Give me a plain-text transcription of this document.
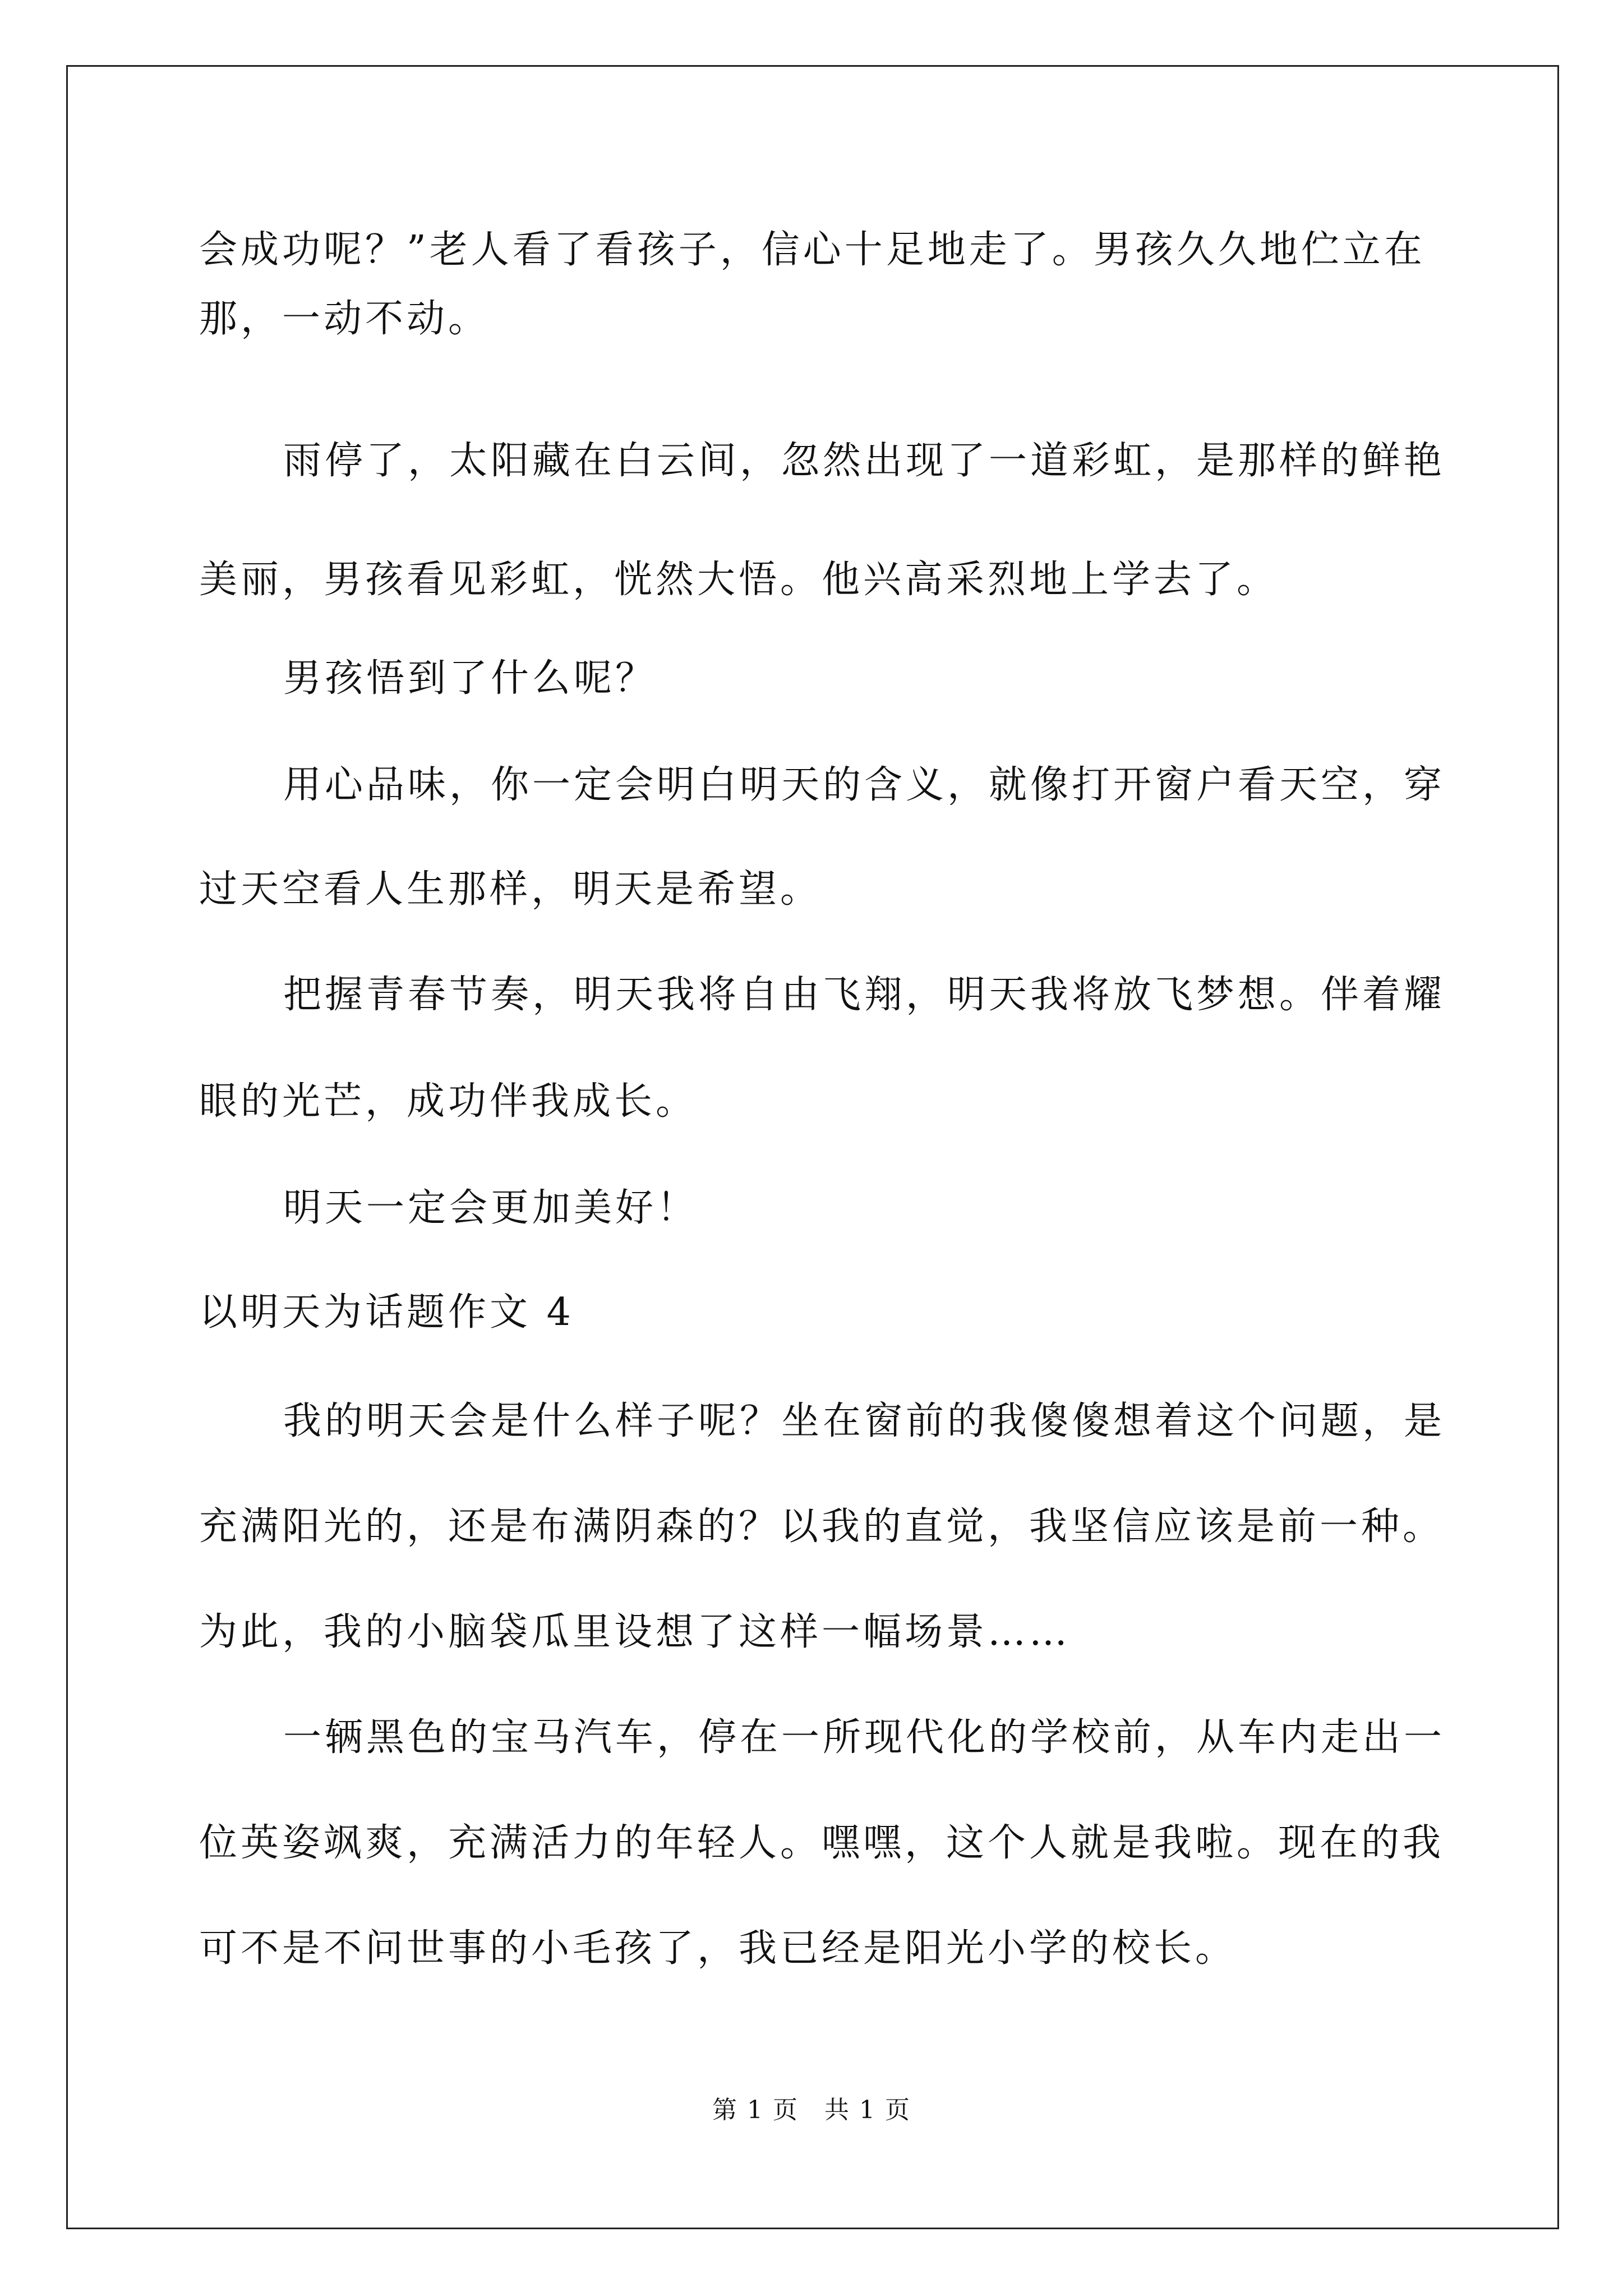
会成功呢？”老人看了看孩子，信心十足地走了。男孩久久地伫立在
那，一动不动。
雨停了，太阳藏在白云间，忽然出现了一道彩虹，是那样的鲜艳
美丽，男孩看见彩虹，恍然大悟。他兴高采烈地上学去了。
男孩悟到了什么呢？
用心品味，你一定会明白明天的含义，就像打开窗户看天空，穿
过天空看人生那样，明天是希望。
把握青春节奏，明天我将自由飞翔，明天我将放飞梦想。伴着耀
眼的光芒，成功伴我成长。
明天一定会更加美好！
以明天为话题作文 4
我的明天会是什么样子呢？坐在窗前的我傻傻想着这个问题，是
充满阳光的，还是布满阴森的？以我的直觉，我坚信应该是前一种。
为此，我的小脑袋瓜里设想了这样一幅场景……
一辆黑色的宝马汽车，停在一所现代化的学校前，从车内走出一
位英姿飒爽，充满活力的年轻人。嘿嘿，这个人就是我啦。现在的我
可不是不问世事的小毛孩了，我已经是阳光小学的校长。
第 1 页 共 1 页
